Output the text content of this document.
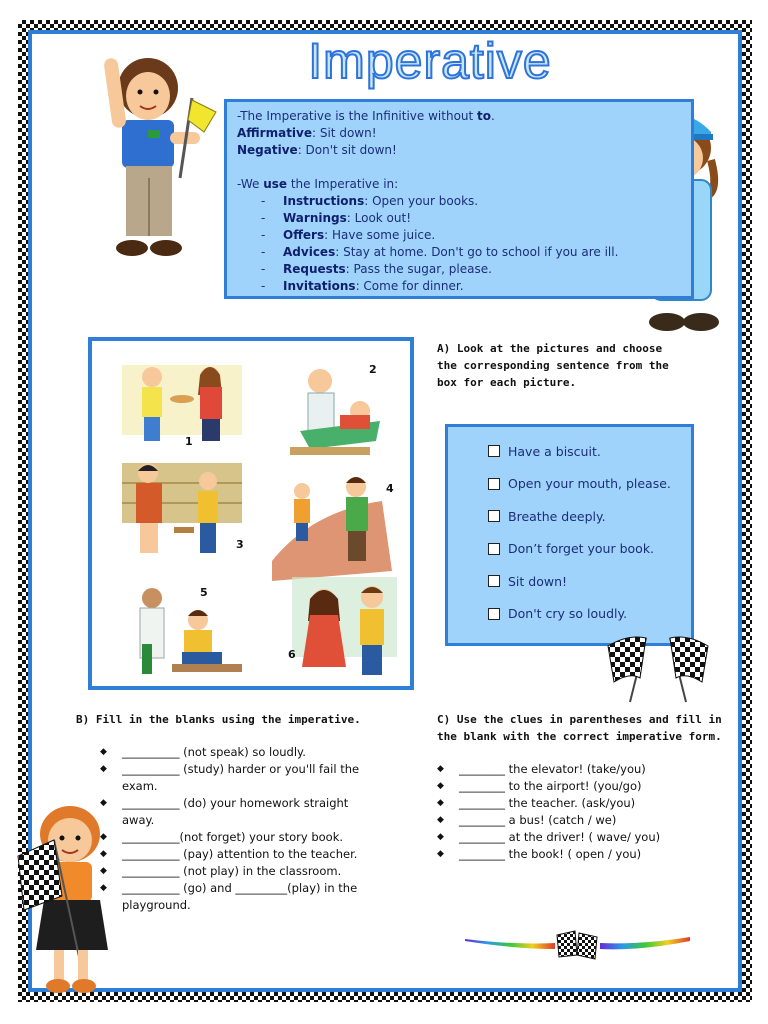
Imperative

-The Imperative is the Infinitive without to.

Affirmative: Sit down!

Negative: Don't sit down!

-We use the Imperative in:

- Instructions: Open your books.
- Warnings: Look out!
- Offers: Have some juice.
- Advices: Stay at home. Don't go to school if you are ill.
- Requests: Pass the sugar, please.
- Invitations: Come for dinner.
1
2
3
4
5
6
A) Look at the pictures and choose
the corresponding sentence from the
box for each picture.
Have a biscuit.
Open your mouth, please.
Breathe deeply.
Don’t forget your book.
Sit down!
Don't cry so loudly.
B) Fill in the blanks using the imperative.
◆ __________ (not speak) so loudly.
◆ __________ (study) harder or you'll fail the
exam.
◆ __________ (do) your homework straight
away.
◆ __________(not forget) your story book.
◆ __________ (pay) attention to the teacher.
◆ __________ (not play) in the classroom.
◆ __________ (go) and _________(play) in the
playground.
C) Use the clues in parentheses and fill in
the blank with the correct imperative form.
◆ ________ the elevator! (take/you)
◆ ________ to the airport! (you/go)
◆ ________ the teacher. (ask/you)
◆ ________ a bus! (catch / we)
◆ ________ at the driver! ( wave/ you)
◆ ________ the book! ( open / you)
